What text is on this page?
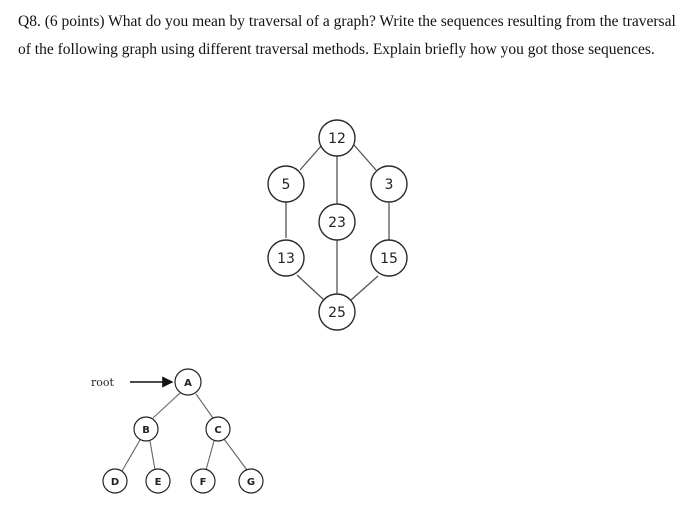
Q8. (6 points) What do you mean by traversal of a graph? Write the sequences resulting from the traversal of the following graph using different traversal methods. Explain briefly how you got those sequences.

12
5	3
23
13	15
25
root	A
B	C
D	E	F	G
